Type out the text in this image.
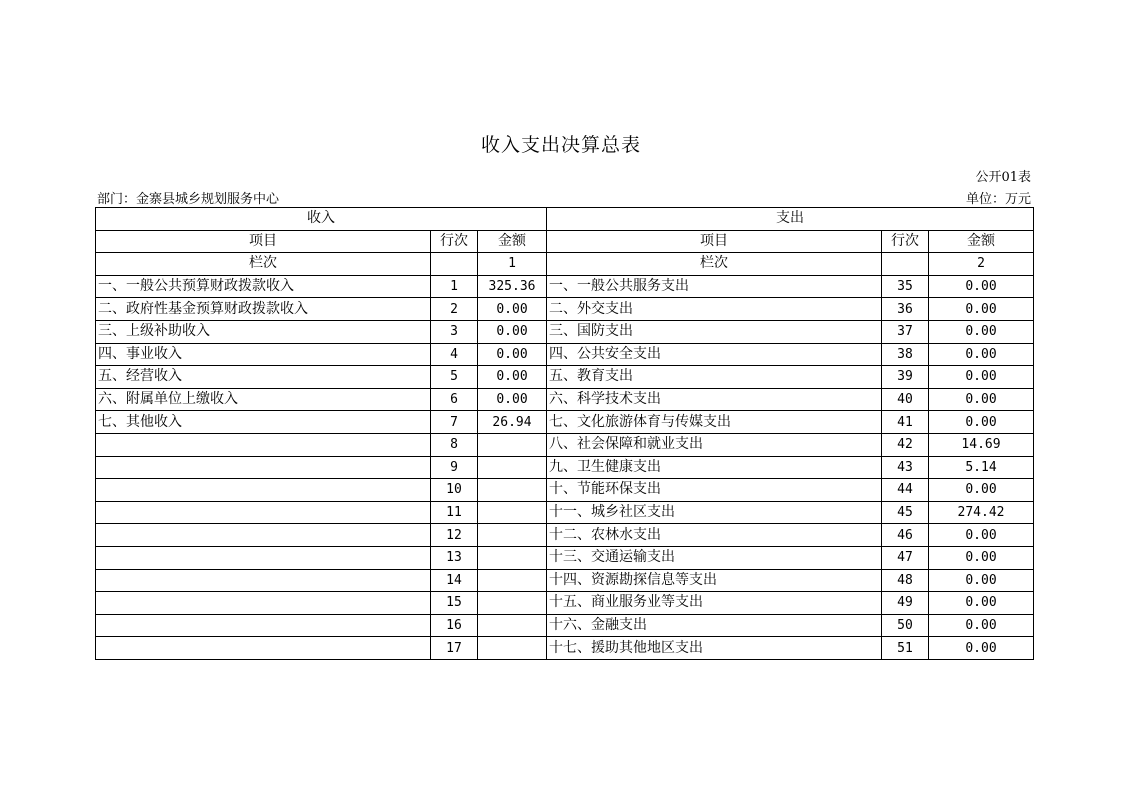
收入支出决算总表
公开01表
部门：金寨县城乡规划服务中心	单位：万元
收入			支出		
项目	行次	金额	项目	行次	金额
栏次		1	栏次		2
一、一般公共预算财政拨款收入	1	325.36	一、一般公共服务支出	35	0.00
二、政府性基金预算财政拨款收入	2	0.00	二、外交支出	36	0.00
三、上级补助收入	3	0.00	三、国防支出	37	0.00
四、事业收入	4	0.00	四、公共安全支出	38	0.00
五、经营收入	5	0.00	五、教育支出	39	0.00
六、附属单位上缴收入	6	0.00	六、科学技术支出	40	0.00
七、其他收入	7	26.94	七、文化旅游体育与传媒支出	41	0.00
	8		八、社会保障和就业支出	42	14.69
	9		九、卫生健康支出	43	5.14
	10		十、节能环保支出	44	0.00
	11		十一、城乡社区支出	45	274.42
	12		十二、农林水支出	46	0.00
	13		十三、交通运输支出	47	0.00
	14		十四、资源勘探信息等支出	48	0.00
	15		十五、商业服务业等支出	49	0.00
	16		十六、金融支出	50	0.00
	17		十七、援助其他地区支出	51	0.00
